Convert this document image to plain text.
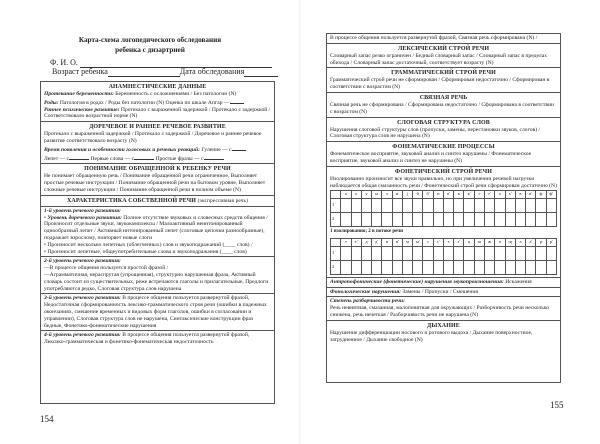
Карта-схема логопедического обследования
ребенка с дизартрией
Ф. И. О.
Возраст ребенка	Дата обследования
АНАМНЕСТИЧЕСКИЕ ДАННЫЕ

Протекание беременности: Беременность с осложнениями / Без патологии (N)

Роды: Патология в родах / Роды без патологии (N) Оценка по шкале Апгар —

Раннее психическое развитие: Протекало с выраженной задержкой / Протекало с задержкой / Соответствовало возрастной норме (N)

ДОРЕЧЕВОЕ И РАННЕЕ РЕЧЕВОЕ РАЗВИТИЕ

Протекало с выраженной задержкой / Протекало с задержкой / Доречевое и раннее речевое развитие соответствовало возрасту (N)

Время появления и особенности голосовых и речевых реакций: Гуление — с

Лепет — с	Первые слова — с	Простые фразы — с

ПОНИМАНИЕ ОБРАЩЕННОЙ К РЕБЕНКУ РЕЧИ

Не понимает обращенную речь / Понимание обращенной речи ограниченное, Выполняет простые речевые инструкции / Понимание обращенной речи на бытовом уровне, Выполняет сложные речевые инструкции / Понимание обращенной речи в полном объеме (N)

ХАРАКТЕРИСТИКА СОБСТВЕННОЙ РЕЧИ (экспрессивная речь)

1-й уровень речевого развития:

• Уровень доречевого развития: Полное отсутствие звуковых и словесных средств общения / Произносит отдельные звуки, звукокомплексы / Малоактивный неинтонированный однообразный лепет / Активный интонированный лепет (слоговые цепочки разнообразные), подражает взрослому, повторяет новые слоги

• Произносит несколько лепетных (облегченных) слов и звукоподражаний (____ слов) /

• Произносит лепетные, общеупотребительные слова и звукоподражания (____ слов)

2-й уровень речевого развития:

—В процессе общения пользуется простой фразой /

—Аграмматичная, нераспрутая (упрощенная), структурно нарушенная фраза, Активный словарь состоит из существительных, реже встречаются глаголы и прилагательные, Предлоги употребляются редко, Слоговая структура слов нарушена

3-й уровень речевого развития: В процессе общения пользуется развернутой фразой, Недостаточная сформированность лексико-грамматического строя речи (ошибки в падежных окончаниях, смешение временных и видовых форм глаголов, ошибки в согласовании и управлении), Слоговая структура слов не нарушена, Синтаксические конструкции фраз бедные, Фонетико-фонематические нарушения

4-й уровень речевого развития: В процессе общения пользуется развернутой фразой, Лексико-грамматическая и фонетико-фонематическая недостаточность

154

В процессе общения пользуется развернутой фразой, Связная речь сформирована (N) /

ЛЕКСИЧЕСКИЙ СТРОЙ РЕЧИ

Словарный запас резко ограничен / Бедный словарный запас / Словарный запас в пределах обихода / Словарный запас достаточный, соответствует возрасту (N)

ГРАММАТИЧЕСКИЙ СТРОЙ РЕЧИ

Грамматический строй речи не сформирован / Сформирован недостаточно / Сформирован в соответствии с возрастом (N)

СВЯЗНАЯ РЕЧЬ

Связная речь не сформирована / Сформирована недостаточно / Сформирована в соответствии с возрастом (N)

СЛОГОВАЯ СТРУКТУРА СЛОВ

Нарушения слоговой структуры слов (пропуски, замены, перестановки звуков, слогов) / Слоговая структура слов не нарушена (N)

ФОНЕМАТИЧЕСКИЕ ПРОЦЕССЫ

Фонематическое восприятие, звуковой анализ и синтез нарушены / Фонематическое восприятие, звуковой анализ и синтез не нарушены (N)

ФОНЕТИЧЕСКИЙ СТРОЙ РЕЧИ

Изолированно произносит все звуки правильно, но при увеличении речевой нагрузки наблюдается общая смазанность речи / Фонетический строй речи сформирован достаточно (N)

	а	о	у	ы	э	и	j	б	б'	п	п'	к	к'	г	г'	х	х'	в	в'	ф	ф'
1																					
2																					
1 изолированно; 2 в потоке речи
	т	т'	д	д'	н	н'	м	м'	с	с'	з	з'	ц	ш	ж	ч	щ	л	л'	р	р'
1																					
2																					

Антропофонические (фонетические) нарушения звукопроизношения: Искажения

Фонологические нарушения: Замены / Пропуски / Смешения

Степень разборчивости речи:

Речь невнятная, смазанная, малопонятная для окружающих / Разборчивость речи несколько снижена, речь нечеткая / Разборчивость речи не нарушена (N)

ДЫХАНИЕ

Нарушение дифференциации носового и ротового выдоха / Дыхание поверхностное, затрудненное / Дыхание свободное (N)

155
